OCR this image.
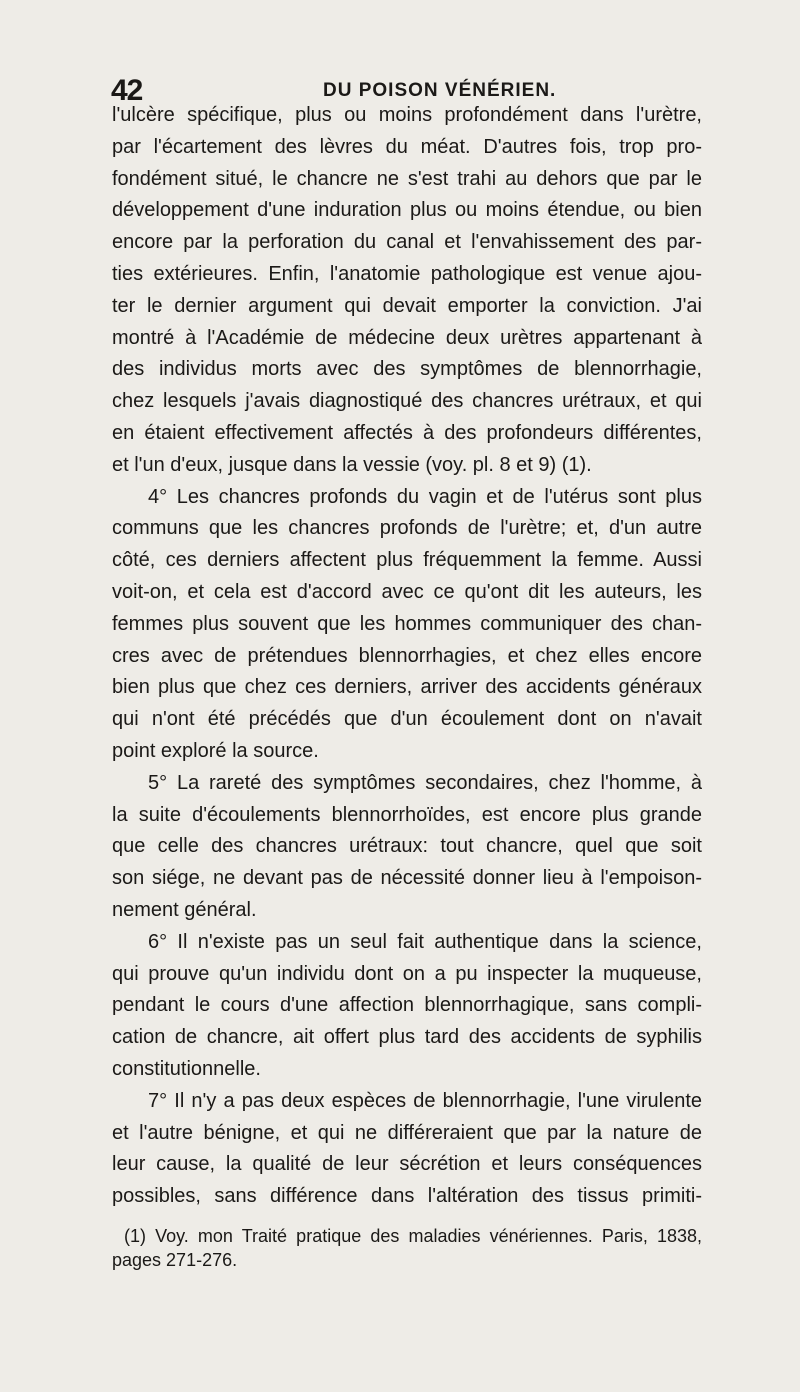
42	DU POISON VÉNÉRIEN.
l'ulcère spécifique, plus ou moins profondément dans l'urètre,
par l'écartement des lèvres du méat. D'autres fois, trop pro-
fondément situé, le chancre ne s'est trahi au dehors que par le
développement d'une induration plus ou moins étendue, ou bien
encore par la perforation du canal et l'envahissement des par-
ties extérieures. Enfin, l'anatomie pathologique est venue ajou-
ter le dernier argument qui devait emporter la conviction. J'ai
montré à l'Académie de médecine deux urètres appartenant à
des individus morts avec des symptômes de blennorrhagie,
chez lesquels j'avais diagnostiqué des chancres urétraux, et qui
en étaient effectivement affectés à des profondeurs différentes,
et l'un d'eux, jusque dans la vessie (voy. pl. 8 et 9) (1).
4° Les chancres profonds du vagin et de l'utérus sont plus
communs que les chancres profonds de l'urètre; et, d'un autre
côté, ces derniers affectent plus fréquemment la femme. Aussi
voit-on, et cela est d'accord avec ce qu'ont dit les auteurs, les
femmes plus souvent que les hommes communiquer des chan-
cres avec de prétendues blennorrhagies, et chez elles encore
bien plus que chez ces derniers, arriver des accidents généraux
qui n'ont été précédés que d'un écoulement dont on n'avait
point exploré la source.
5° La rareté des symptômes secondaires, chez l'homme, à
la suite d'écoulements blennorrhoïdes, est encore plus grande
que celle des chancres urétraux: tout chancre, quel que soit
son siége, ne devant pas de nécessité donner lieu à l'empoison-
nement général.
6° Il n'existe pas un seul fait authentique dans la science,
qui prouve qu'un individu dont on a pu inspecter la muqueuse,
pendant le cours d'une affection blennorrhagique, sans compli-
cation de chancre, ait offert plus tard des accidents de syphilis
constitutionnelle.
7° Il n'y a pas deux espèces de blennorrhagie, l'une virulente
et l'autre bénigne, et qui ne différeraient que par la nature de
leur cause, la qualité de leur sécrétion et leurs conséquences
possibles, sans différence dans l'altération des tissus primiti-
(1) Voy. mon Traité pratique des maladies vénériennes. Paris, 1838,
pages 271-276.
